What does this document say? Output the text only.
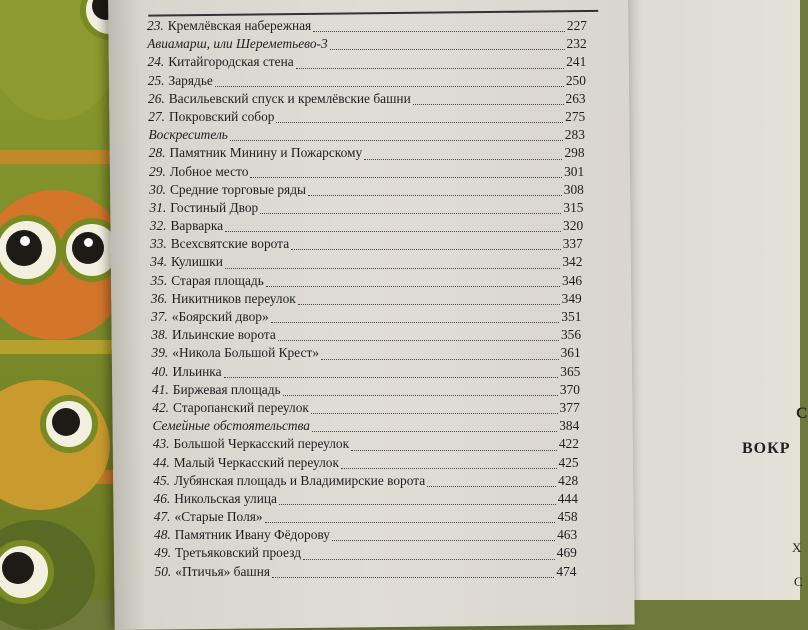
С
ВОКР
Х
С
23. Кремлёвская набережная	227
Авиамарш, или Шереметьево-3	232
24. Китайгородская стена	241
25. Зарядье	250
26. Васильевский спуск и кремлёвские башни	263
27. Покровский собор	275
Воскреситель	283
28. Памятник Минину и Пожарскому	298
29. Лобное место	301
30. Средние торговые ряды	308
31. Гостиный Двор	315
32. Варварка	320
33. Всехсвятские ворота	337
34. Кулишки	342
35. Старая площадь	346
36. Никитников переулок	349
37. «Боярский двор»	351
38. Ильинские ворота	356
39. «Никола Большой Крест»	361
40. Ильинка	365
41. Биржевая площадь	370
42. Старопанский переулок	377
Семейные обстоятельства	384
43. Большой Черкасский переулок	422
44. Малый Черкасский переулок	425
45. Лубянская площадь и Владимирские ворота	428
46. Никольская улица	444
47. «Старые Поля»	458
48. Памятник Ивану Фёдорову	463
49. Третьяковский проезд	469
50. «Птичья» башня	474
